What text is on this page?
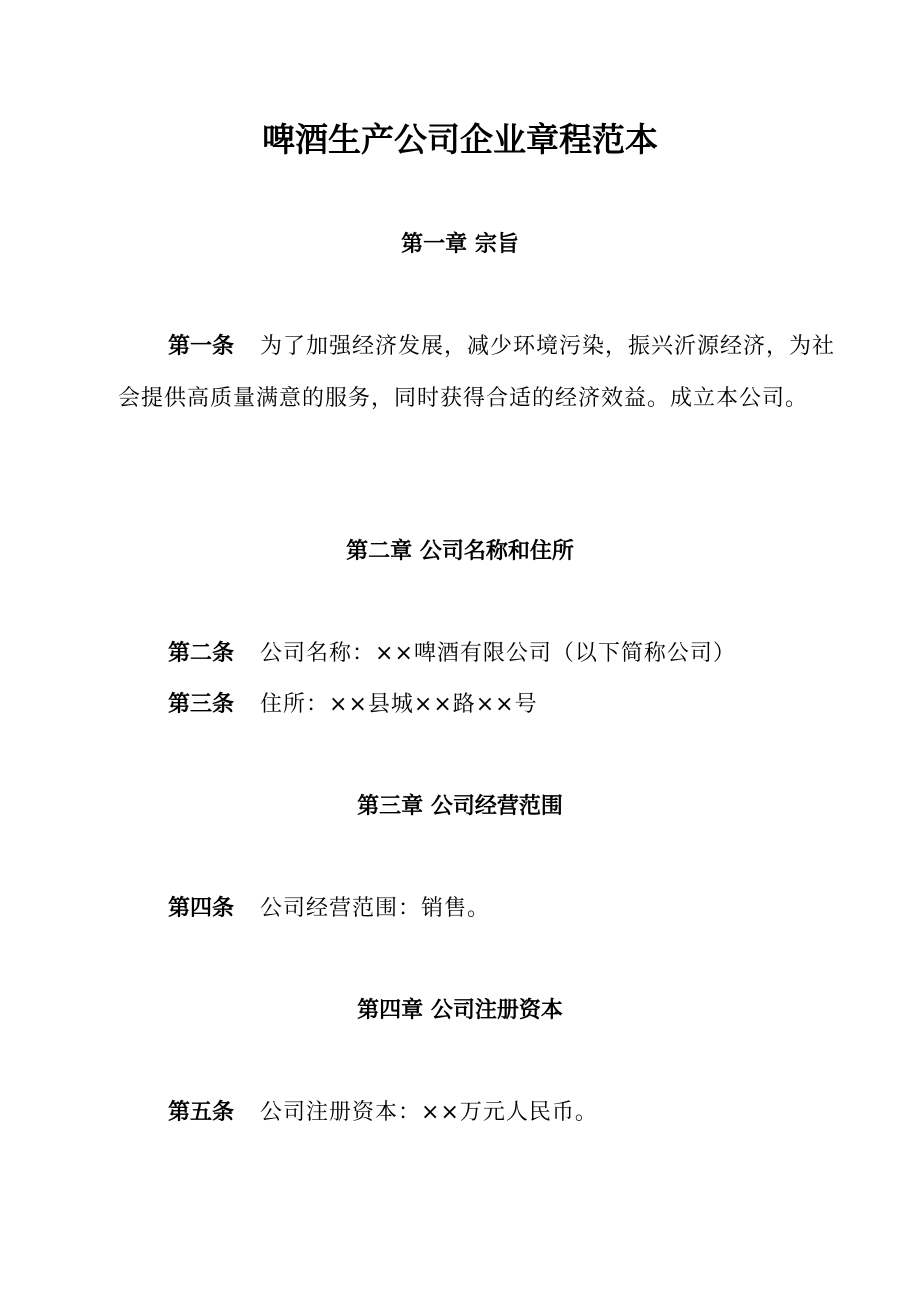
啤酒生产公司企业章程范本
第一章 宗旨

第一条 为了加强经济发展，减少环境污染，振兴沂源经济，为社会提供高质量满意的服务，同时获得合适的经济效益。成立本公司。

第二章 公司名称和住所

第二条 公司名称：××啤酒有限公司（以下简称公司）

第三条 住所：××县城××路××号

第三章 公司经营范围

第四条 公司经营范围：销售。

第四章 公司注册资本

第五条 公司注册资本：××万元人民币。
